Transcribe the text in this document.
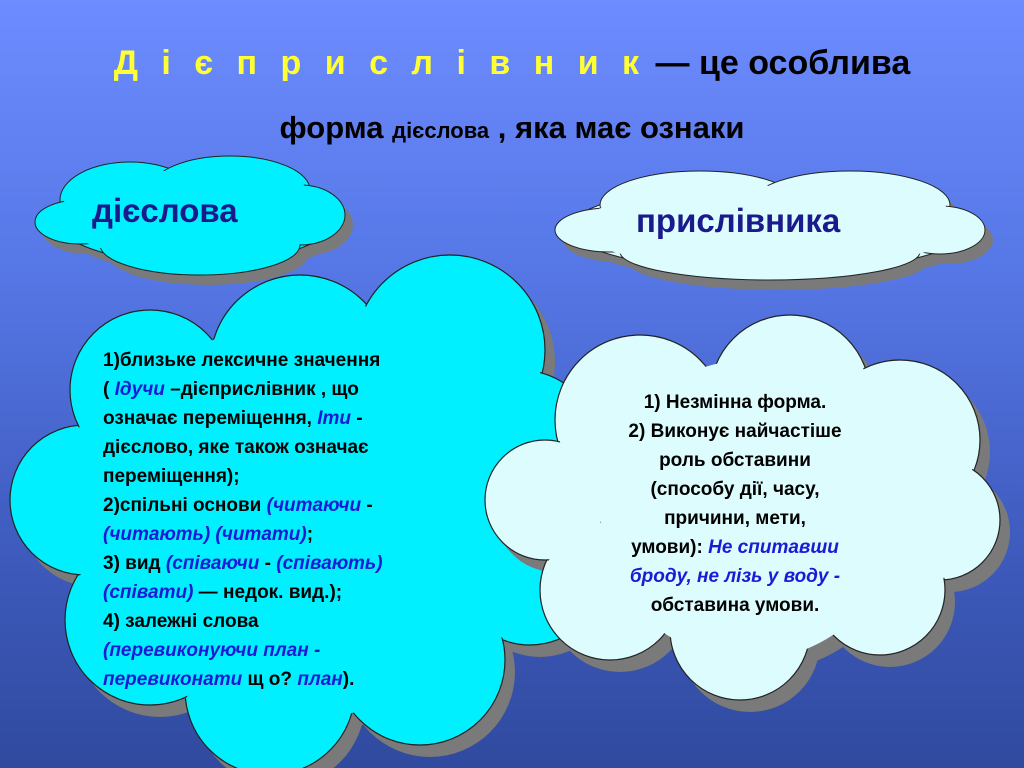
Д і є п р и с л і в н и к — це особлива
форма дієслова , яка має ознаки
дієслова	прислівника
1)близьке лексичне значення
( Ідучи –дієприслівник , що
означає переміщення, Іти -
дієслово, яке також означає
переміщення);
2)спільні основи (читаючи -
(читають) (читати);
3) вид (співаючи - (співають)
(співати) — недок. вид.);
4) залежні слова
(перевиконуючи план -
перевиконати щ о? план).
1) Незмінна форма.
2) Виконує найчастіше
роль обставини
(способу дії, часу,
причини, мети,
умови): Не спитавши
броду, не лізь у воду -
обставина умови.
